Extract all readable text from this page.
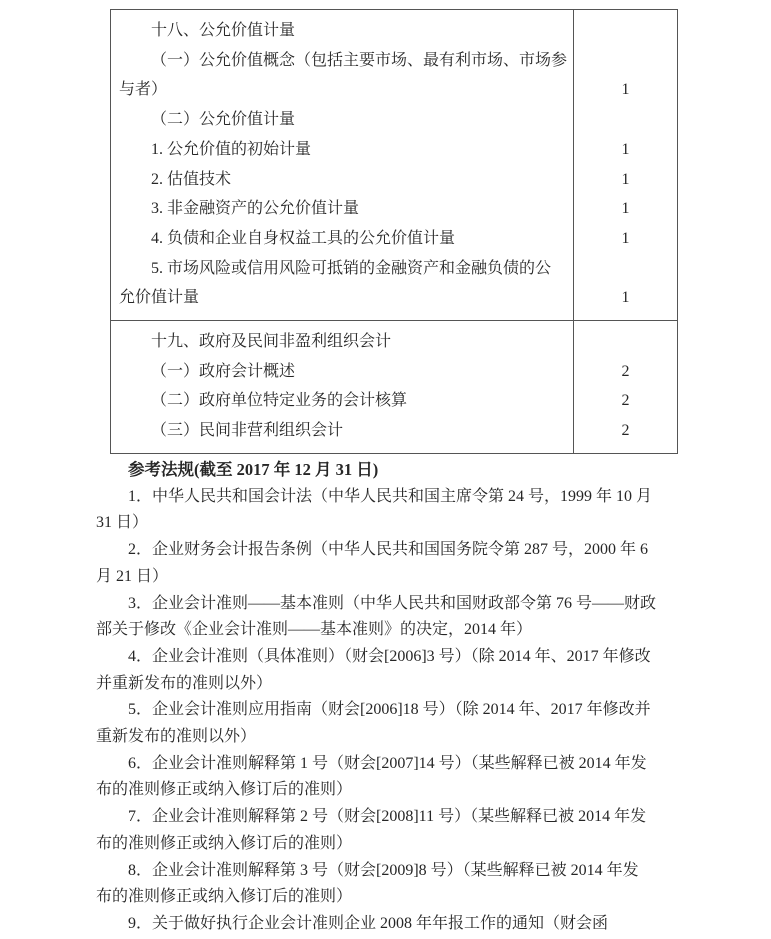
十八、公允价值计量
（一）公允价值概念（包括主要市场、最有利市场、市场参
与者）	1
（二）公允价值计量
1. 公允价值的初始计量	1
2. 估值技术	1
3. 非金融资产的公允价值计量	1
4. 负债和企业自身权益工具的公允价值计量	1
5. 市场风险或信用风险可抵销的金融资产和金融负债的公
允价值计量	1
十九、政府及民间非盈利组织会计
（一）政府会计概述	2
（二）政府单位特定业务的会计核算	2
（三）民间非营利组织会计	2
参考法规(截至 2017 年 12 月 31 日)

1．中华人民共和国会计法（中华人民共和国主席令第 24 号，1999 年 10 月
31 日）

2．企业财务会计报告条例（中华人民共和国国务院令第 287 号，2000 年 6
月 21 日）

3．企业会计准则——基本准则（中华人民共和国财政部令第 76 号——财政
部关于修改《企业会计准则——基本准则》的决定，2014 年）

4．企业会计准则（具体准则）（财会[2006]3 号）（除 2014 年、2017 年修改
并重新发布的准则以外）

5．企业会计准则应用指南（财会[2006]18 号）（除 2014 年、2017 年修改并
重新发布的准则以外）

6．企业会计准则解释第 1 号（财会[2007]14 号）（某些解释已被 2014 年发
布的准则修正或纳入修订后的准则）

7．企业会计准则解释第 2 号（财会[2008]11 号）（某些解释已被 2014 年发
布的准则修正或纳入修订后的准则）

8．企业会计准则解释第 3 号（财会[2009]8 号）（某些解释已被 2014 年发
布的准则修正或纳入修订后的准则）

9．关于做好执行企业会计准则企业 2008 年年报工作的通知（财会函
